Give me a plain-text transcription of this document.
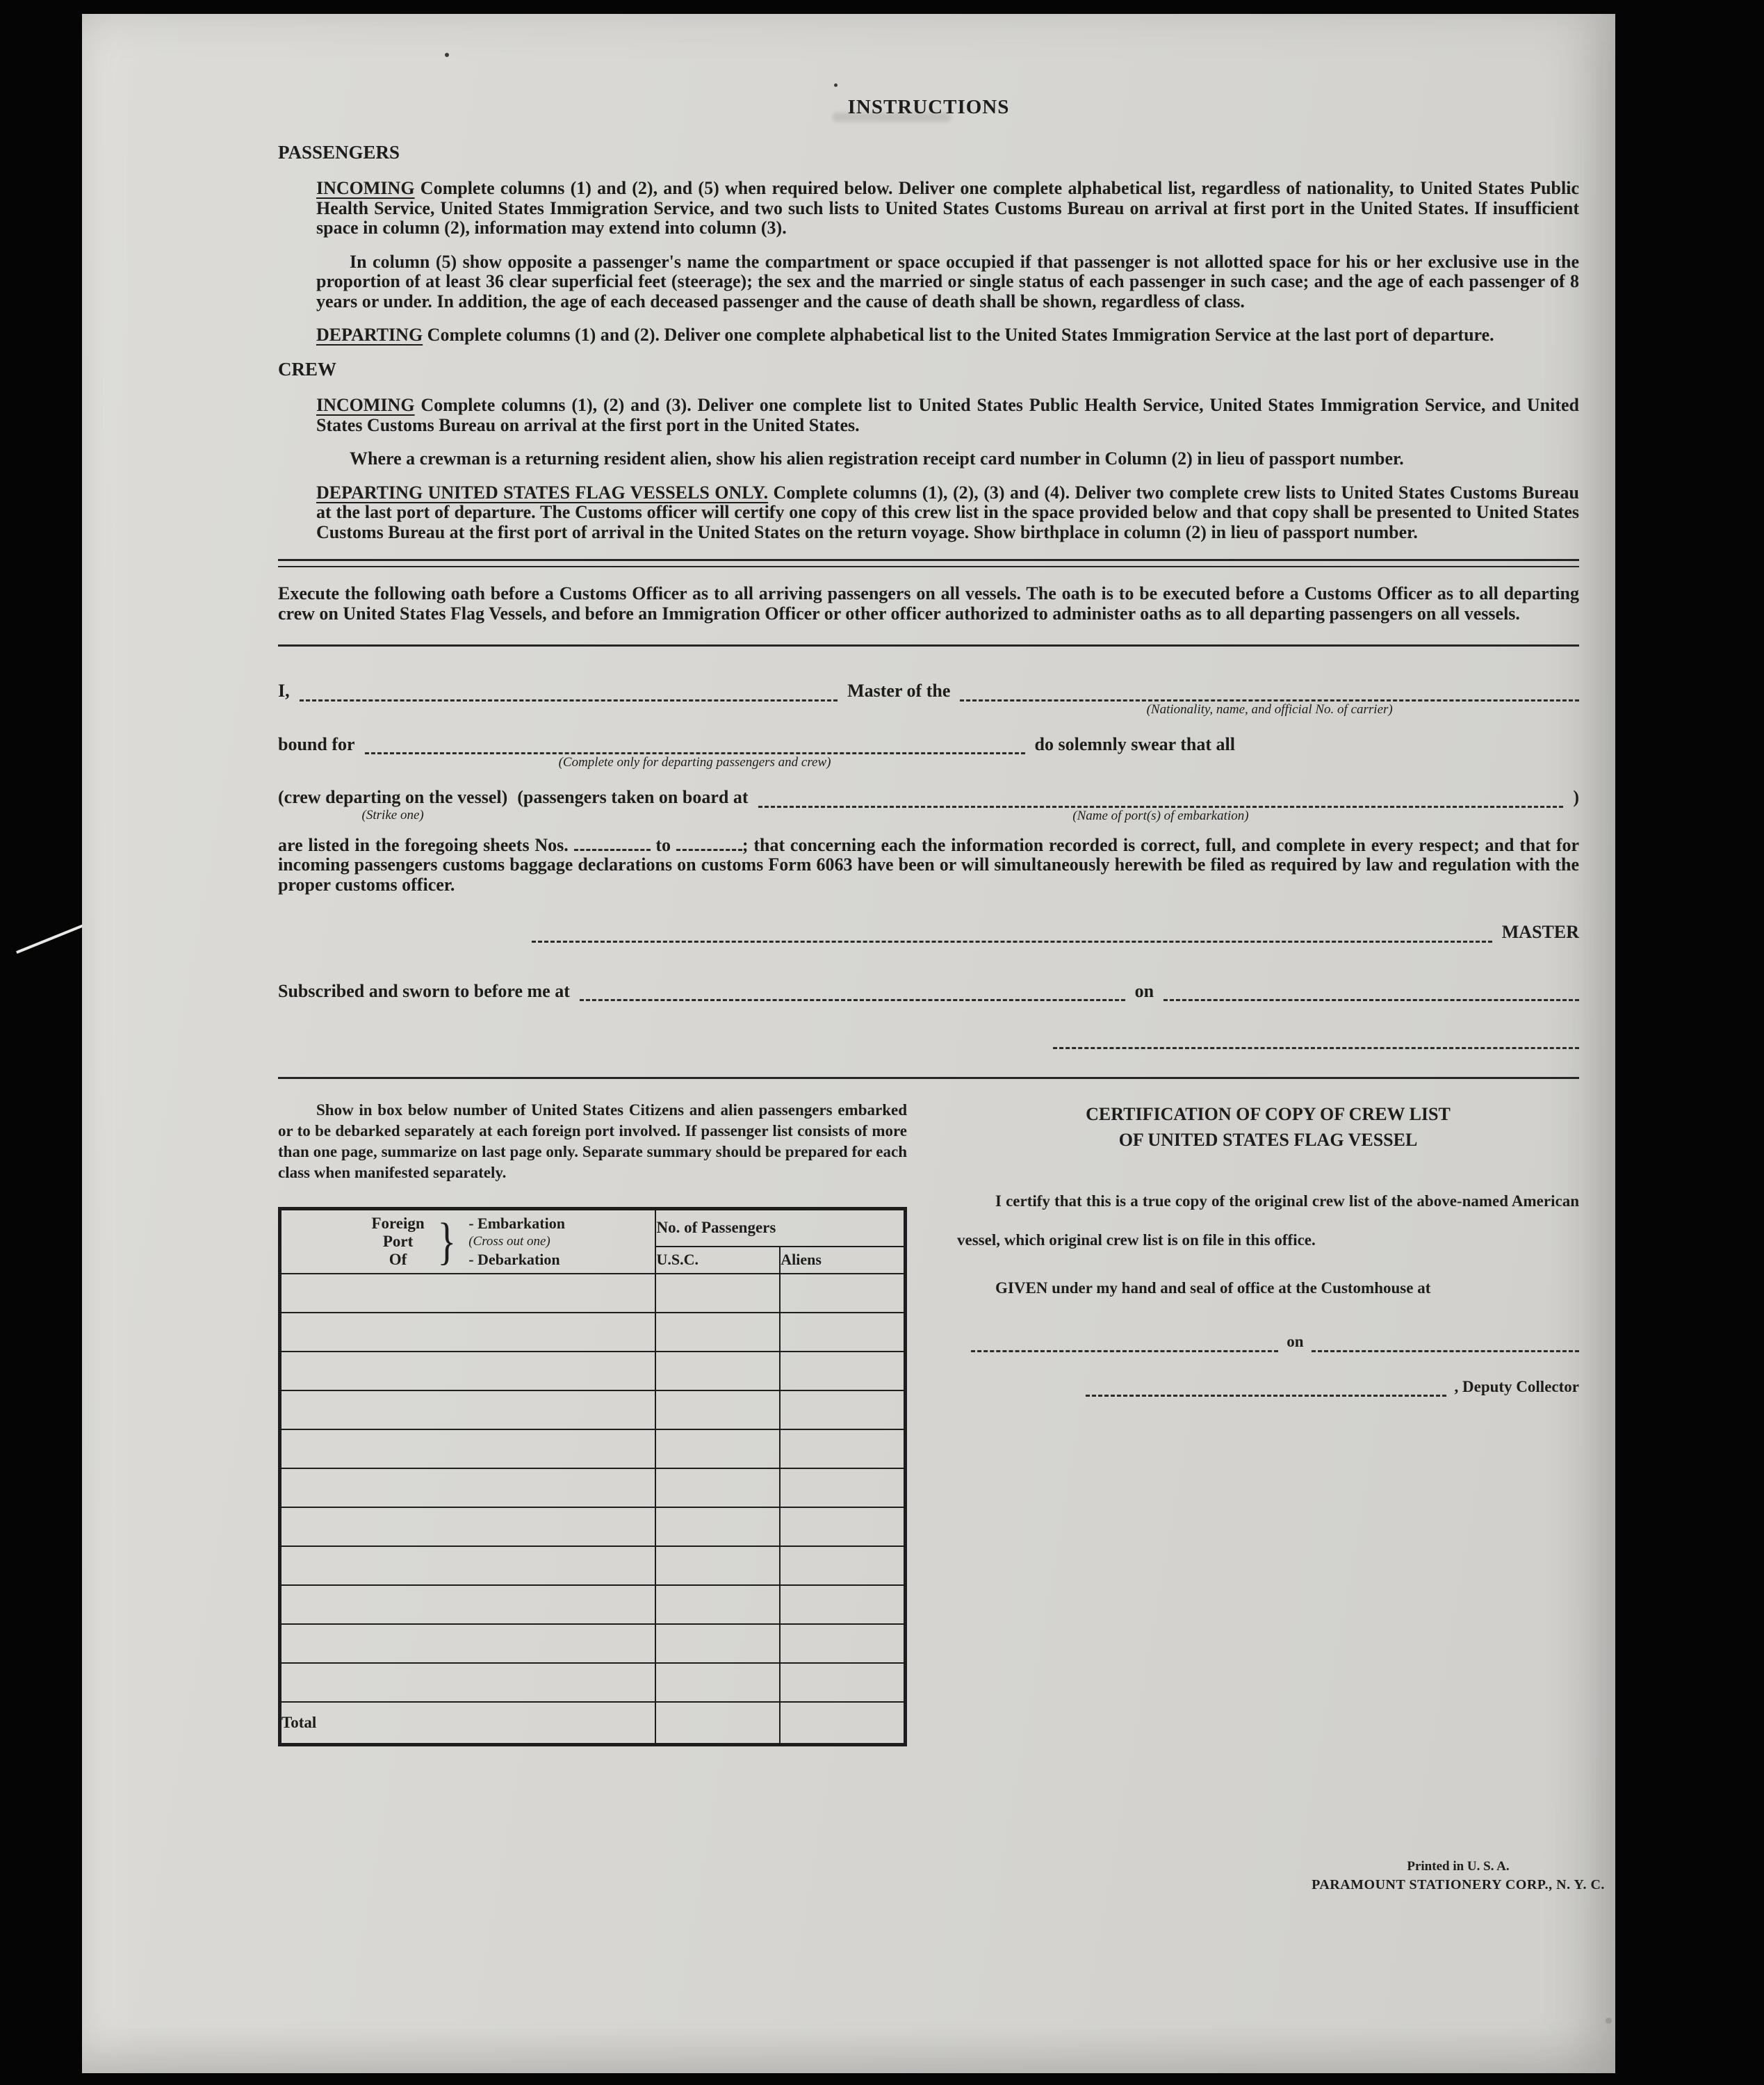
INSTRUCTIONS
PASSENGERS

INCOMING Complete columns (1) and (2), and (5) when required below. Deliver one complete alphabetical list, regardless of nationality, to United States Public Health Service, United States Immigration Service, and two such lists to United States Customs Bureau on arrival at first port in the United States. If insufficient space in column (2), information may extend into column (3).

In column (5) show opposite a passenger's name the compartment or space occupied if that passenger is not allotted space for his or her exclusive use in the proportion of at least 36 clear superficial feet (steerage); the sex and the married or single status of each passenger in such case; and the age of each passenger of 8 years or under. In addition, the age of each deceased passenger and the cause of death shall be shown, regardless of class.

DEPARTING Complete columns (1) and (2). Deliver one complete alphabetical list to the United States Immigration Service at the last port of departure.

CREW

INCOMING Complete columns (1), (2) and (3). Deliver one complete list to United States Public Health Service, United States Immigration Service, and United States Customs Bureau on arrival at the first port in the United States.

Where a crewman is a returning resident alien, show his alien registration receipt card number in Column (2) in lieu of passport number.

DEPARTING UNITED STATES FLAG VESSELS ONLY. Complete columns (1), (2), (3) and (4). Deliver two complete crew lists to United States Customs Bureau at the last port of departure. The Customs officer will certify one copy of this crew list in the space provided below and that copy shall be presented to United States Customs Bureau at the first port of arrival in the United States on the return voyage. Show birthplace in column (2) in lieu of passport number.

Execute the following oath before a Customs Officer as to all arriving passengers on all vessels. The oath is to be executed before a Customs Officer as to all departing crew on United States Flag Vessels, and before an Immigration Officer or other officer authorized to administer oaths as to all departing passengers on all vessels.

I,	Master of the
(Nationality, name, and official No. of carrier)
bound for
(Complete only for departing passengers and crew)
do solemnly swear that all
(crew departing on the vessel)
(Strike one)
(passengers taken on board at
(Name of port(s) of embarkation)
)

are listed in the foregoing sheets Nos.	to	; that concerning each the information recorded is correct, full, and complete in every respect; and that for incoming passengers customs baggage declarations on customs Form 6063 have been or will simultaneously herewith be filed as required by law and regulation with the proper customs officer.

MASTER
Subscribed and sworn to before me at	on

Show in box below number of United States Citizens and alien passengers embarked or to be debarked separately at each foreign port involved. If passenger list consists of more than one page, summarize on last page only. Separate summary should be prepared for each class when manifested separately.

Foreign
Port
Of } - Embarkation
(Cross out one)
- Debarkation
	No. of Passengers
	U.S.C.	Aliens

Total		
CERTIFICATION OF COPY OF CREW LIST
OF UNITED STATES FLAG VESSEL

I certify that this is a true copy of the original crew list of the above-named American vessel, which original crew list is on file in this office.

GIVEN under my hand and seal of office at the Customhouse at

on
, Deputy Collector
Printed in U. S. A.
PARAMOUNT STATIONERY CORP., N. Y. C.
